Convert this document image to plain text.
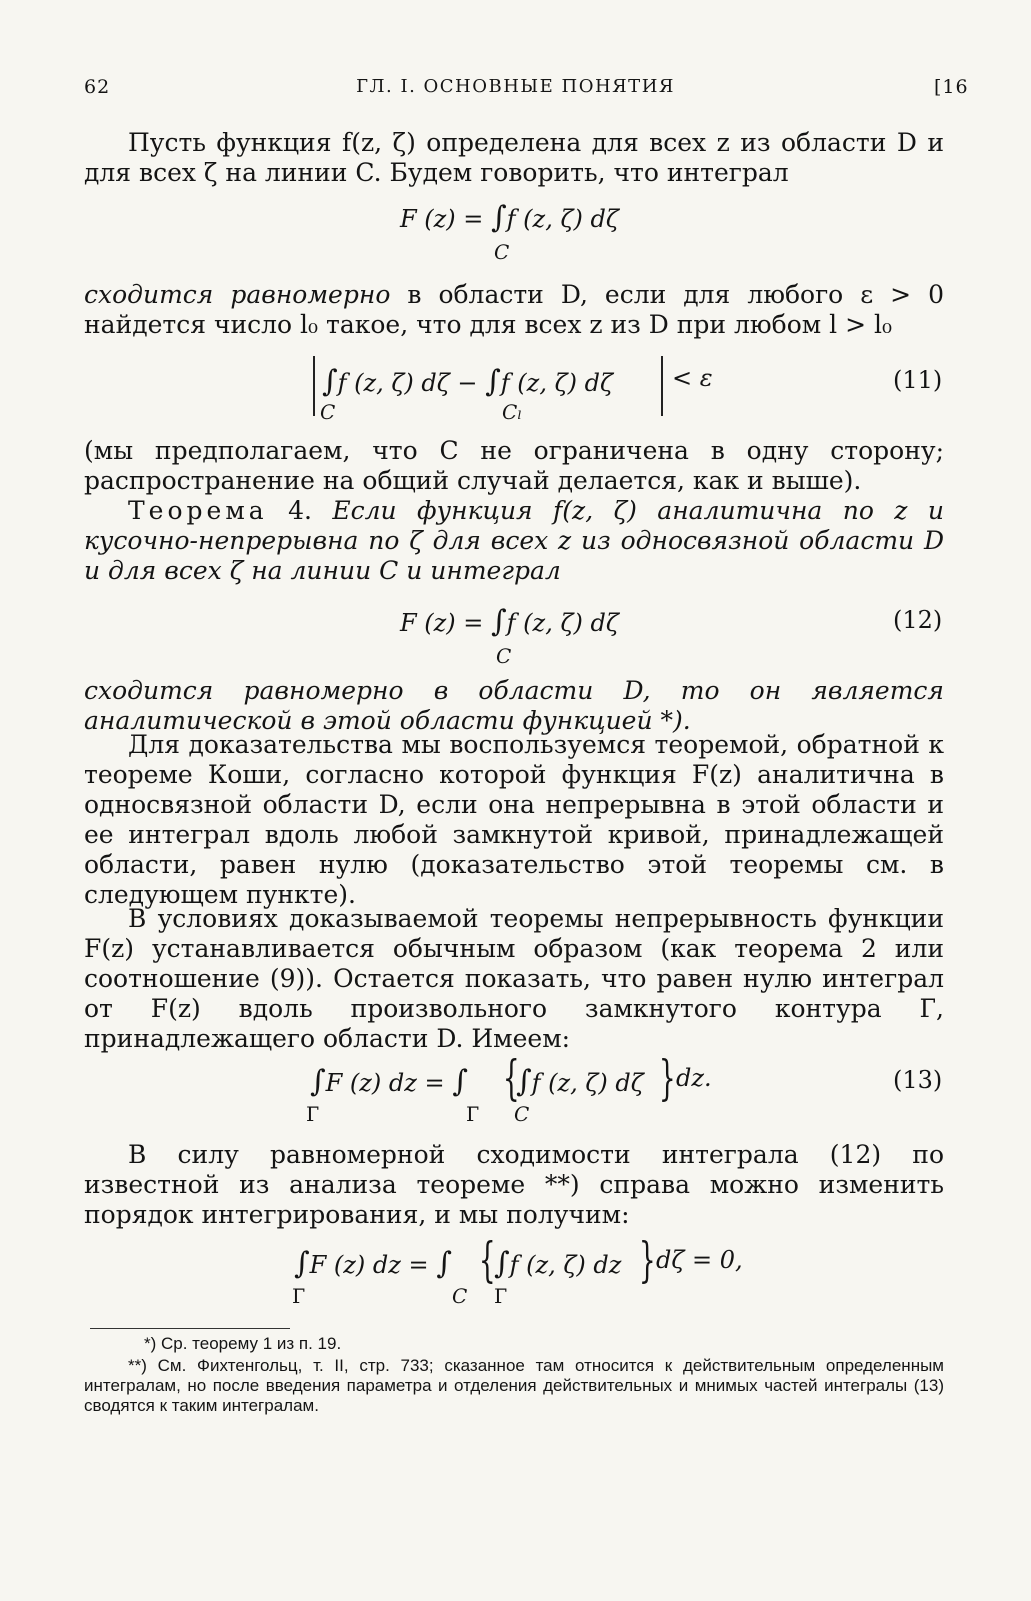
62	ГЛ. I. ОСНОВНЫЕ ПОНЯТИЯ	[16
Пусть функция f(z, ζ) определена для всех z из области D и для всех ζ на линии C. Будем говорить, что интеграл
F (z) = ∫f (z, ζ) dζ
C
сходится равномерно в области D, если для любого ε > 0 найдется число l₀ такое, что для всех z из D при любом l > l₀
∫f (z, ζ) dζ − ∫f (z, ζ) dζ < ε
C	Cₗ
(11)
(мы предполагаем, что C не ограничена в одну сторону; распространение на общий случай делается, как и выше).
Теорема 4. Если функция f(z, ζ) аналитична по z и кусочно-непрерывна по ζ для всех z из односвязной области D и для всех ζ на линии C и интеграл
F (z) = ∫f (z, ζ) dζ
C
(12)
сходится равномерно в области D, то он является аналитической в этой области функцией *).
Для доказательства мы воспользуемся теоремой, обратной к теореме Коши, согласно которой функция F(z) аналитична в односвязной области D, если она непрерывна в этой области и ее интеграл вдоль любой замкнутой кривой, принадлежащей области, равен нулю (доказательство этой теоремы см. в следующем пункте).
В условиях доказываемой теоремы непрерывность функции F(z) устанавливается обычным образом (как теорема 2 или соотношение (9)). Остается показать, что равен нулю интеграл от F(z) вдоль произвольного замкнутого контура Г, принадлежащего области D. Имеем:
∫F (z) dz = ∫ {
∫f (z, ζ) dζ } dz.
Г	Г C
(13)
В силу равномерной сходимости интеграла (12) по известной из анализа теореме **) справа можно изменить порядок интегрирования, и мы получим:
∫F (z) dz = ∫ {
∫f (z, ζ) dz } dζ = 0,
Г	C Г
*) Ср. теорему 1 из п. 19.
**) См. Фихтенгольц, т. II, стр. 733; сказанное там относится к действительным определенным интегралам, но после введения параметра и отделения действительных и мнимых частей интегралы (13) сводятся к таким интегралам.
